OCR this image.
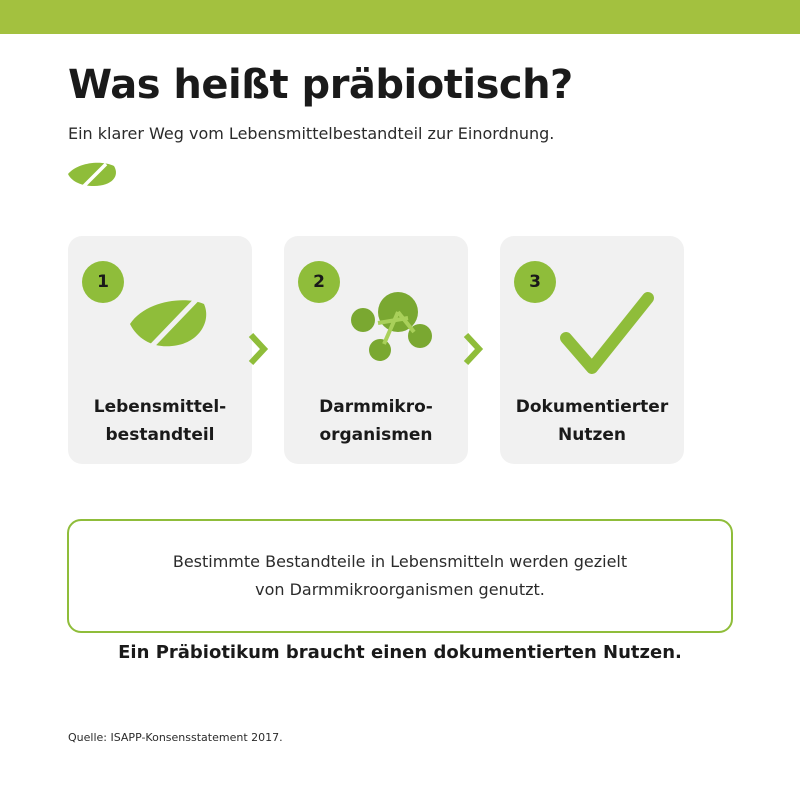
Was heißt präbiotisch?

Ein klarer Weg vom Lebensmittelbestandteil zur Einordnung.

1
Lebensmittel-
bestandteil
2
Darmmikro-
organismen
3
Dokumentierter
Nutzen

Bestimmte Bestandteile in Lebensmitteln werden gezielt
von Darmmikroorganismen genutzt.

Ein Präbiotikum braucht einen dokumentierten Nutzen.

Quelle: ISAPP-Konsensstatement 2017.
